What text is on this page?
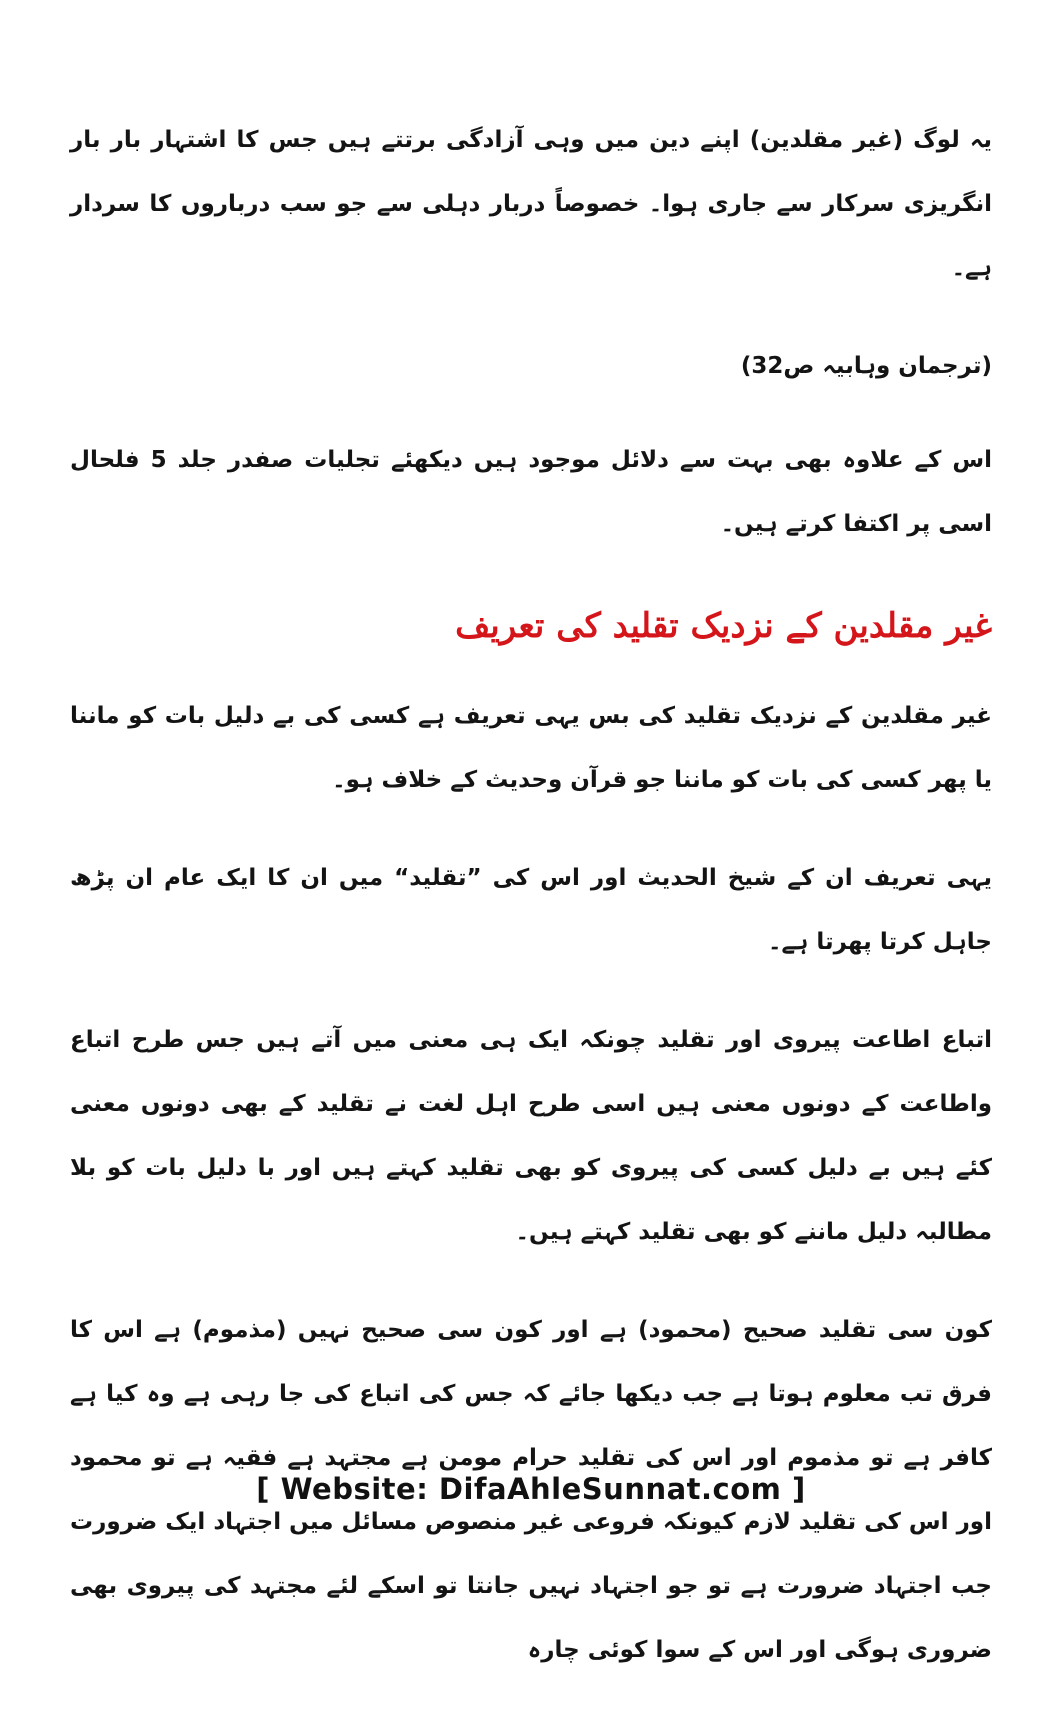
یہ لوگ (غیر مقلدین) اپنے دین میں وہی آزادگی برتتے ہیں جس کا اشتہار بار بار انگریزی سرکار سے جاری ہوا۔ خصوصاً دربار دہلی سے جو سب درباروں کا سردار ہے۔

(ترجمان وہابیہ ص32)

اس کے علاوہ بھی بہت سے دلائل موجود ہیں دیکھئے تجلیات صفدر جلد 5 فلحال اسی پر اکتفا کرتے ہیں۔

غیر مقلدین کے نزدیک تقلید کی تعریف

غیر مقلدین کے نزدیک تقلید کی بس یہی تعریف ہے کسی کی بے دلیل بات کو ماننا یا پھر کسی کی بات کو ماننا جو قرآن وحدیث کے خلاف ہو۔

یہی تعریف ان کے شیخ الحدیث اور اس کی ”تقلید“ میں ان کا ایک عام ان پڑھ جاہل کرتا پھرتا ہے۔

اتباع اطاعت پیروی اور تقلید چونکہ ایک ہی معنی میں آتے ہیں جس طرح اتباع واطاعت کے دونوں معنی ہیں اسی طرح اہل لغت نے تقلید کے بھی دونوں معنی کئے ہیں بے دلیل کسی کی پیروی کو بھی تقلید کہتے ہیں اور با دلیل بات کو بلا مطالبہ دلیل ماننے کو بھی تقلید کہتے ہیں۔

کون سی تقلید صحیح (محمود) ہے اور کون سی صحیح نہیں (مذموم) ہے اس کا فرق تب معلوم ہوتا ہے جب دیکھا جائے کہ جس کی اتباع کی جا رہی ہے وہ کیا ہے کافر ہے تو مذموم اور اس کی تقلید حرام مومن ہے مجتہد ہے فقیہ ہے تو محمود اور اس کی تقلید لازم کیونکہ فروعی غیر منصوص مسائل میں اجتہاد ایک ضرورت جب اجتہاد ضرورت ہے تو جو اجتہاد نہیں جانتا تو اسکے لئے مجتہد کی پیروی بھی ضروری ہوگی اور اس کے سوا کوئی چارہ

[ Website: DifaAhleSunnat.com ]
